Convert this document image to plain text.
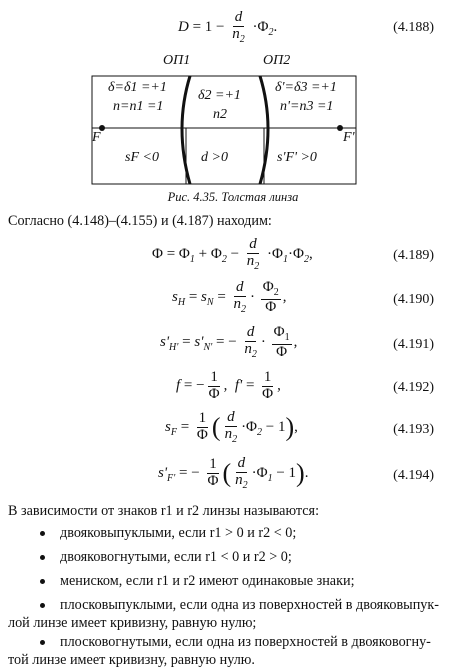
$D = 1 - \frac{d}{n_2} \cdot\Phi_2$.	(4.188)
ОП1	ОП2
δ=δ1 =+1
n=n1 =1
δ2 =+1
n2
δ'=δ3 =+1
n'=n3 =1
F	F'
sF <0	d >0	s'F' >0
Рис. 4.35. Толстая линза
Согласно (4.148)–(4.155) и (4.187) находим:
$\Phi = \Phi_1 + \Phi_2 - \frac{d}{n_2} \cdot\Phi_1\cdot\Phi_2$,	(4.189)
$s_H = s_N = \frac{d}{n_2} \cdot \frac{\Phi_2}{\Phi}$ ,	(4.190)
$s'_{H'} = s'_{N'}$ = − $\frac{d}{n_2} \cdot \frac{\Phi_1}{\Phi}$ ,	(4.191)
f = − $\frac{1}{\Phi}$ ,  $f' = \frac{1}{\Phi}$ ,	(4.192)
$s_F = \frac{1}{\Phi}$ ( $\frac{d}{n_2} \cdot\Phi_2 - 1$),	(4.193)
$s'_{F'}$ = − $\frac{1}{\Phi}$ ( $\frac{d}{n_2} \cdot\Phi_1 - 1$).	(4.194)
В зависимости от знаков r1 и r2 линзы называются:
двояковыпуклыми, если r1 > 0 и r2 < 0;
двояковогнутыми, если r1 < 0 и r2 > 0;
мениском, если r1 и r2 имеют одинаковые знаки;
плосковыпуклыми, если одна из поверхностей в двояковыпук-
лой линзе имеет кривизну, равную нулю;
плосковогнутыми, если одна из поверхностей в двояковогну-
той линзе имеет кривизну, равную нулю.
